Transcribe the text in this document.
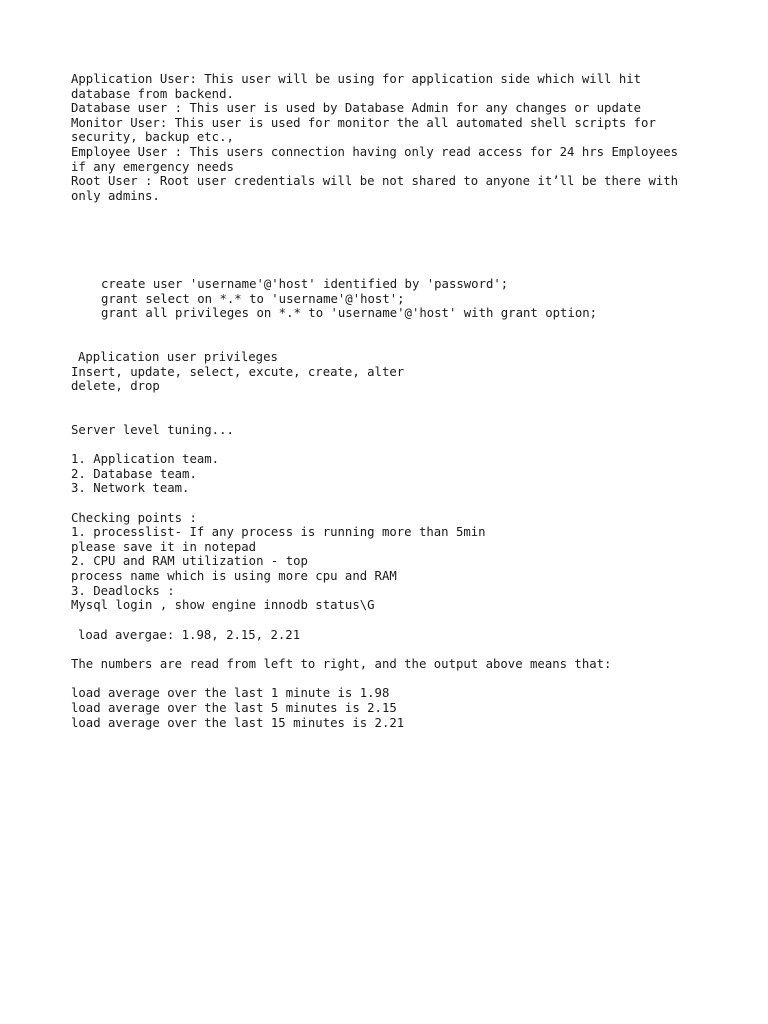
Application User: This user will be using for application side which will hit
database from backend.
Database user : This user is used by Database Admin for any changes or update
Monitor User: This user is used for monitor the all automated shell scripts for
security, backup etc.,
Employee User : This users connection having only read access for 24 hrs Employees
if any emergency needs
Root User : Root user credentials will be not shared to anyone it’ll be there with
only admins.
create user 'username'@'host' identified by 'password';
grant select on *.* to 'username'@'host';
grant all privileges on *.* to 'username'@'host' with grant option;
Application user privileges
Insert, update, select, excute, create, alter
delete, drop
Server level tuning...
1. Application team.
2. Database team.
3. Network team.
Checking points :
1. processlist- If any process is running more than 5min
please save it in notepad
2. CPU and RAM utilization - top
process name which is using more cpu and RAM
3. Deadlocks :
Mysql login , show engine innodb status\G
load avergae: 1.98, 2.15, 2.21
The numbers are read from left to right, and the output above means that:
load average over the last 1 minute is 1.98
load average over the last 5 minutes is 2.15
load average over the last 15 minutes is 2.21
